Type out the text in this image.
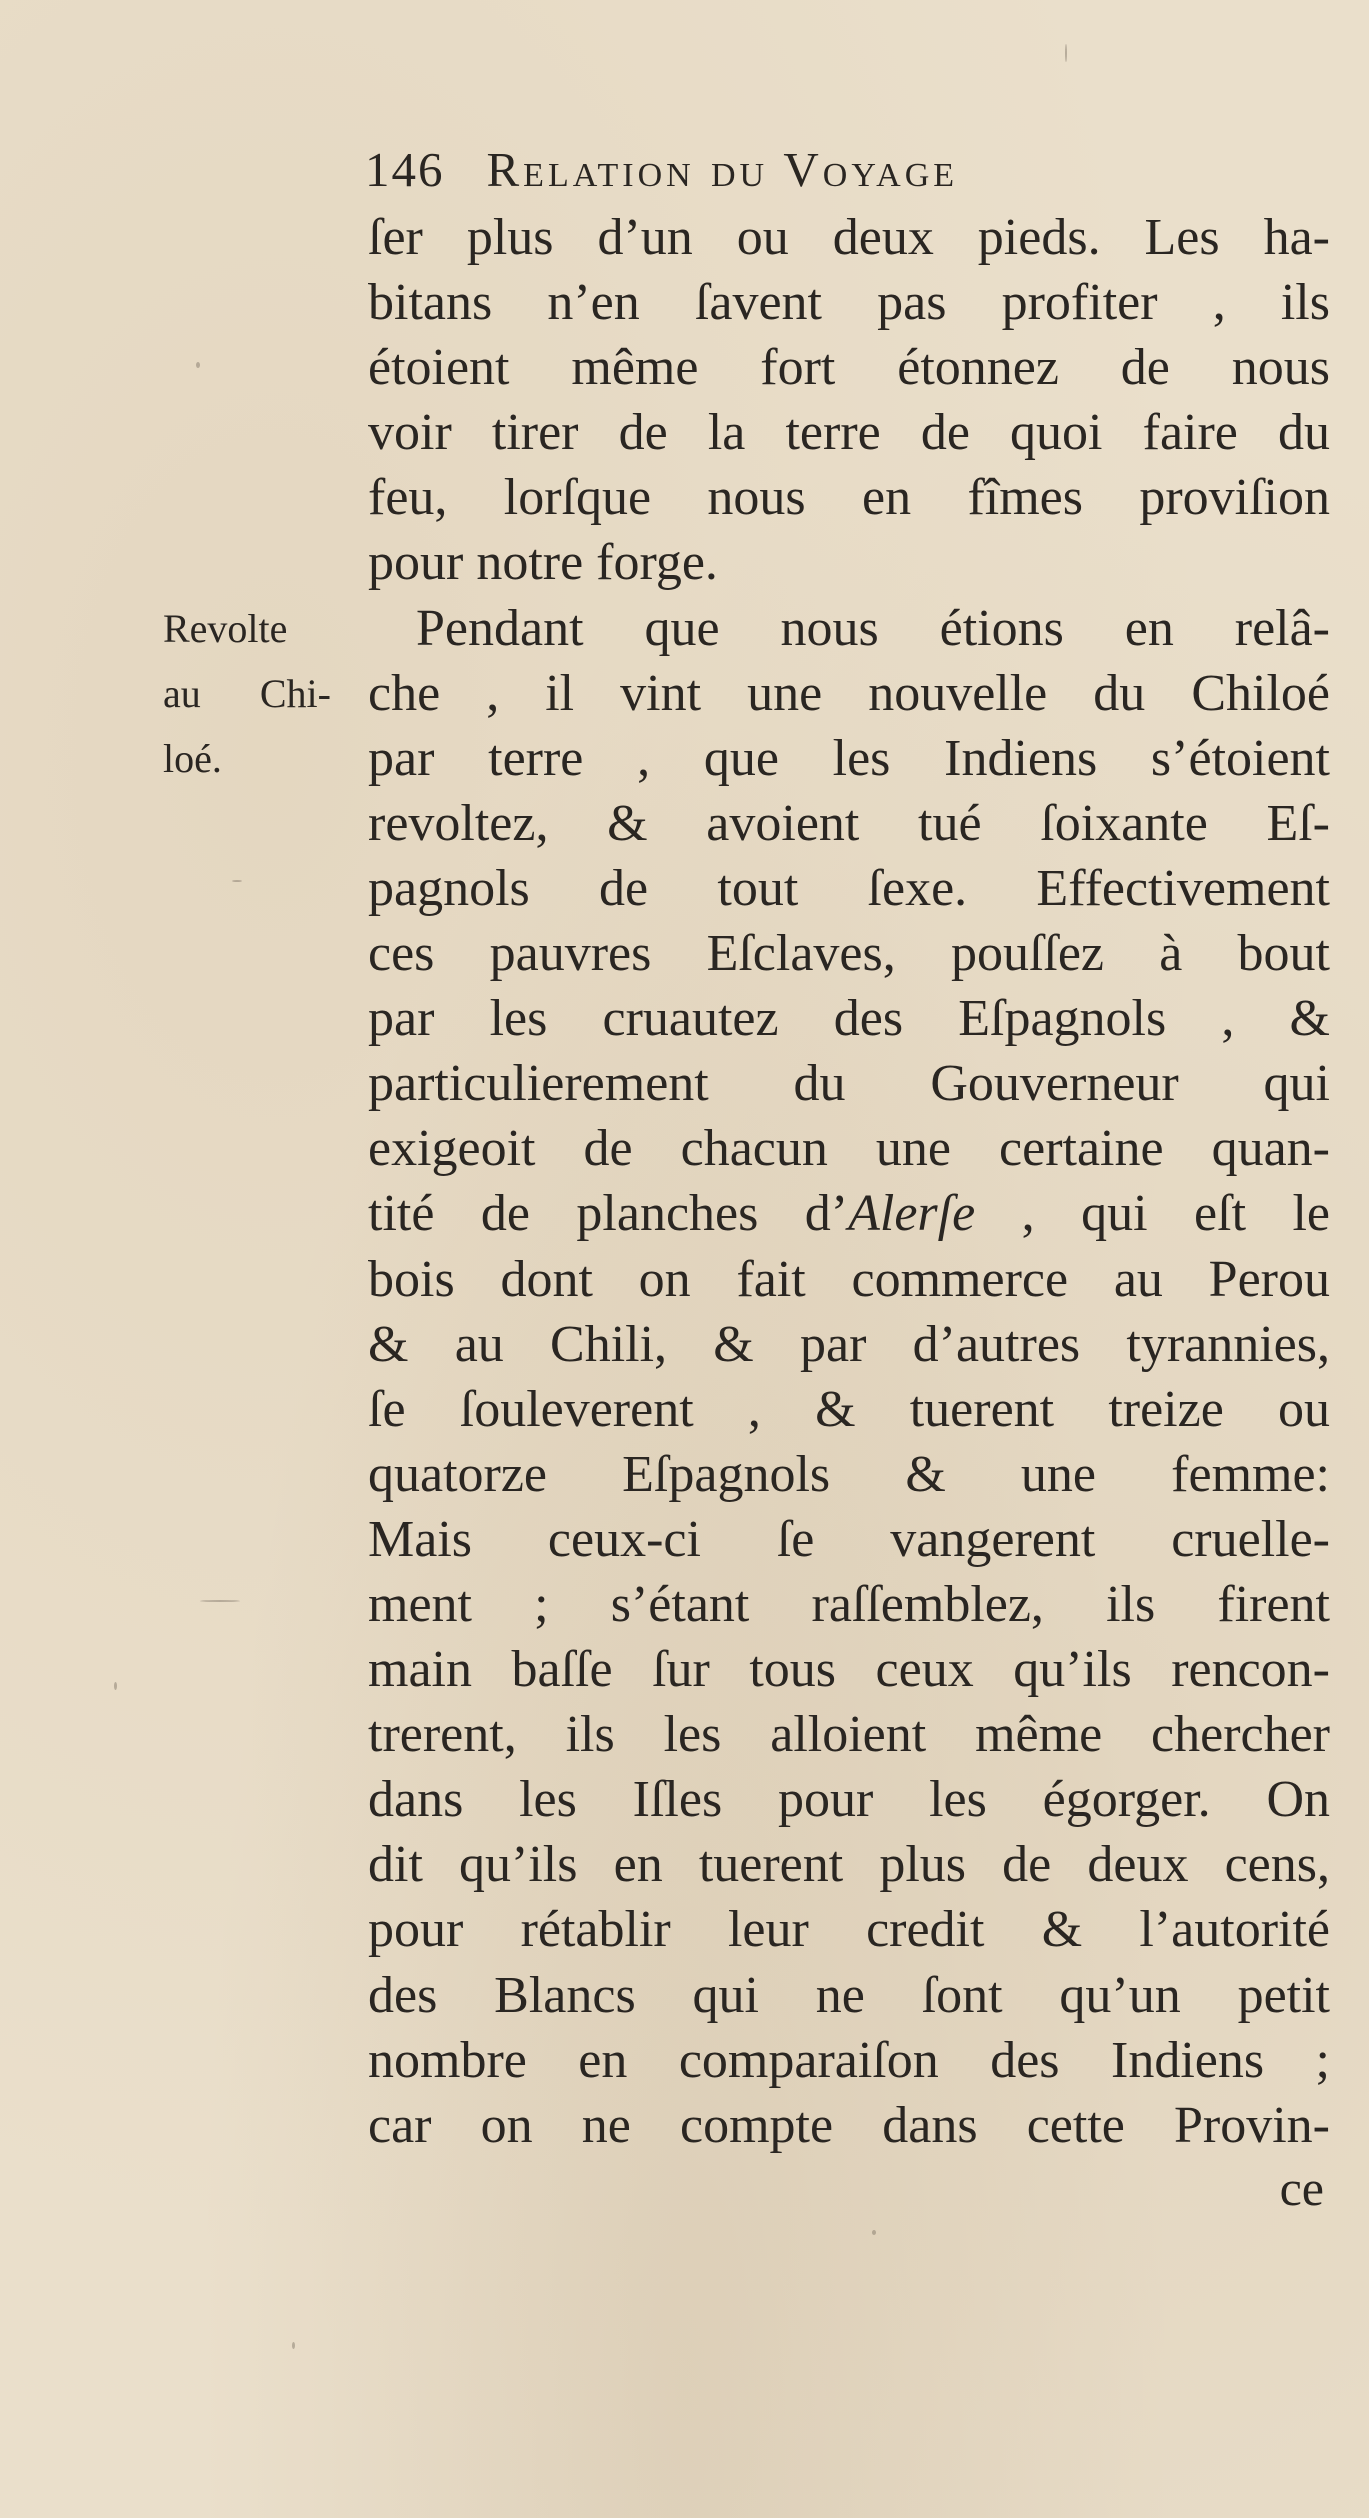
146 Relation du Voyage
Revolte
au Chi-
loé.
ſer plus d’un ou deux pieds. Les ha-
bitans n’en ſavent pas profiter , ils
étoient même fort étonnez de nous
voir tirer de la terre de quoi faire du
feu, lorſque nous en fîmes proviſion
pour notre forge.
Pendant que nous étions en relâ-
che , il vint une nouvelle du Chiloé
par terre , que les Indiens s’étoient
revoltez, & avoient tué ſoixante Eſ-
pagnols de tout ſexe. Effectivement
ces pauvres Eſclaves, pouſſez à bout
par les cruautez des Eſpagnols , &
particulierement du Gouverneur qui
exigeoit de chacun une certaine quan-
tité de planches d’Alerſe , qui eſt le
bois dont on fait commerce au Perou
& au Chili, & par d’autres tyrannies,
ſe ſouleverent , & tuerent treize ou
quatorze Eſpagnols & une femme:
Mais ceux-ci ſe vangerent cruelle-
ment ; s’étant raſſemblez, ils firent
main baſſe ſur tous ceux qu’ils rencon-
trerent, ils les alloient même chercher
dans les Iſles pour les égorger. On
dit qu’ils en tuerent plus de deux cens,
pour rétablir leur credit & l’autorité
des Blancs qui ne ſont qu’un petit
nombre en comparaiſon des Indiens ;
car on ne compte dans cette Provin-
ce
